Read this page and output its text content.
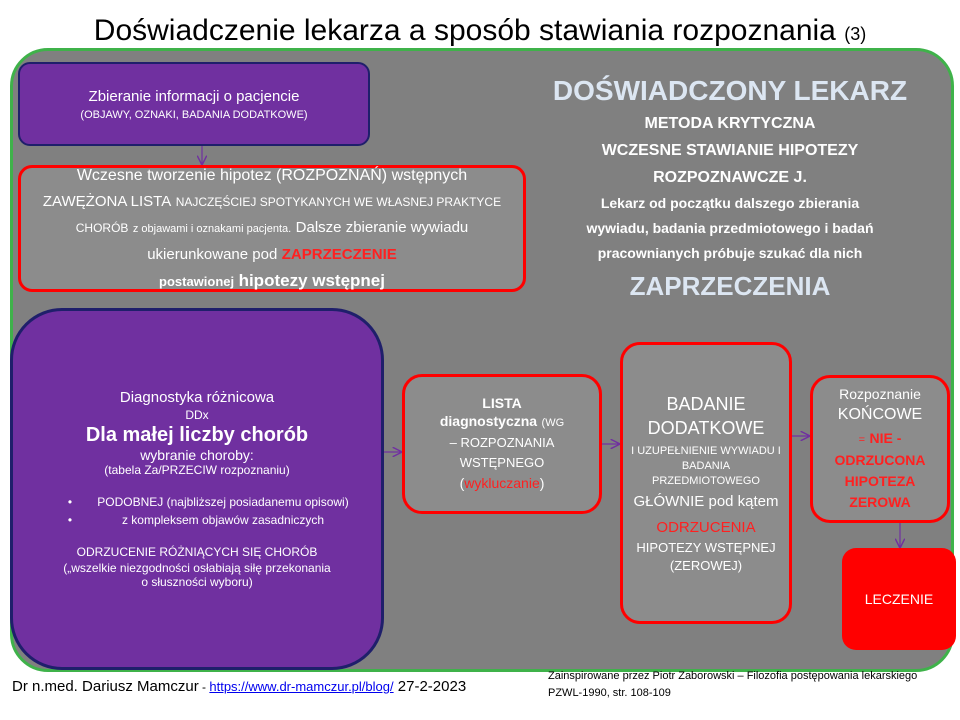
Doświadczenie lekarza a sposób stawiania rozpoznania (3)
Zbieranie informacji o pacjencie
(OBJAWY, OZNAKI, BADANIA DODATKOWE)
Wczesne tworzenie hipotez (ROZPOZNAŃ) wstępnych
ZAWĘŻONA LISTA NAJCZĘŚCIEJ SPOTYKANYCH WE WŁASNEJ PRAKTYCE CHORÓB z objawami i oznakami pacjenta. Dalsze zbieranie wywiadu ukierunkowane pod ZAPRZECZENIE
postawionej hipotezy wstępnej
DOŚWIADCZONY LEKARZ
METODA KRYTYCZNA
WCZESNE STAWIANIE HIPOTEZY
ROZPOZNAWCZE J.
Lekarz od początku dalszego zbierania
wywiadu, badania przedmiotowego i badań
pracownianych próbuje szukać dla nich
ZAPRZECZENIA
Diagnostyka różnicowa
DDx
Dla małej liczby chorób
wybranie choroby:
(tabela Za/PRZECIW rozpoznaniu)
•	PODOBNEJ (najbliższej posiadanemu opisowi)
•	z kompleksem objawów zasadniczych
ODRZUCENIE RÓŻNIĄCYCH SIĘ CHORÓB
(„wszelkie niezgodności osłabiają siłę przekonania o słuszności wyboru)
LISTA
diagnostyczna (WG
– ROZPOZNANIA WSTĘPNEGO
(wykluczanie)
BADANIE DODATKOWE
I UZUPEŁNIENIE WYWIADU I BADANIA PRZEDMIOTOWEGO
GŁÓWNIE pod kątem
ODRZUCENIA
HIPOTEZY WSTĘPNEJ
(ZEROWEJ)
Rozpoznanie
KOŃCOWE
= NIE - ODRZUCONA HIPOTEZA ZEROWA
LECZENIE
Dr n.med. Dariusz Mamczur - https://www.dr-mamczur.pl/blog/ 27-2-2023
Zainspirowane przez Piotr Zaborowski – Filozofia postępowania lekarskiego PZWL-1990, str. 108-109
